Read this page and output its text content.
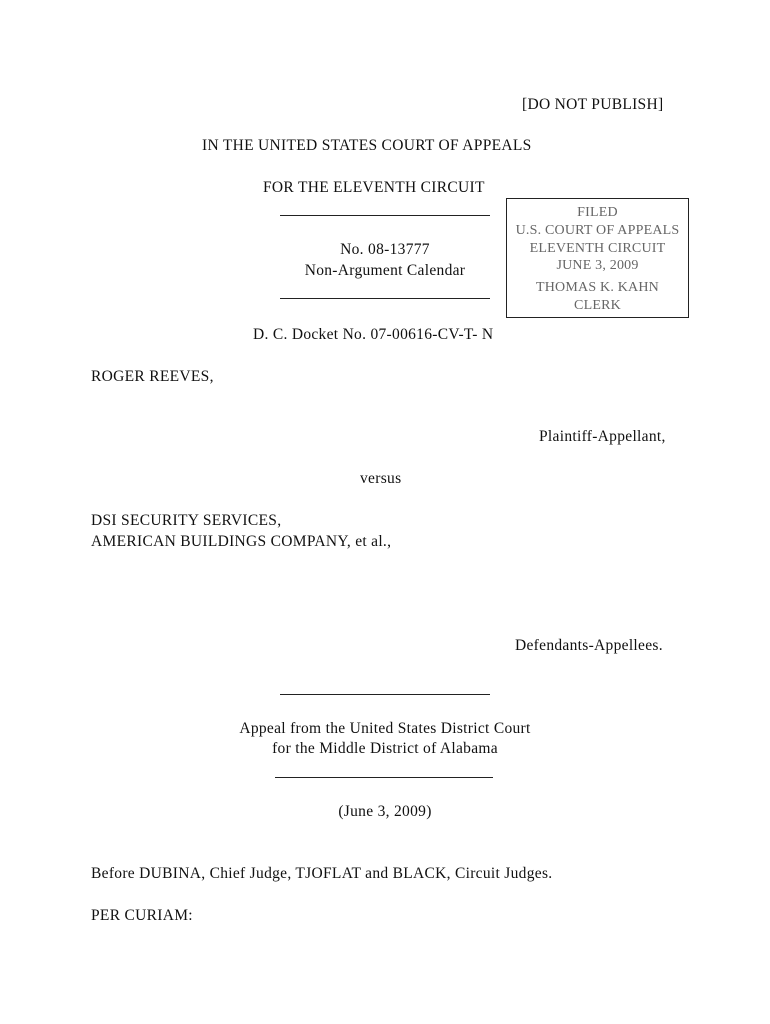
[DO NOT PUBLISH]
IN THE UNITED STATES COURT OF APPEALS
FOR THE ELEVENTH CIRCUIT
No. 08-13777
Non-Argument Calendar
FILED
U.S. COURT OF APPEALS
ELEVENTH CIRCUIT
JUNE 3, 2009
THOMAS K. KAHN
CLERK
D. C. Docket No. 07-00616-CV-T- N
ROGER REEVES,
Plaintiff-Appellant,
versus
DSI SECURITY SERVICES,
AMERICAN BUILDINGS COMPANY, et al.,
Defendants-Appellees.
Appeal from the United States District Court
for the Middle District of Alabama
(June 3, 2009)
Before DUBINA, Chief Judge, TJOFLAT and BLACK, Circuit Judges.
PER CURIAM:
